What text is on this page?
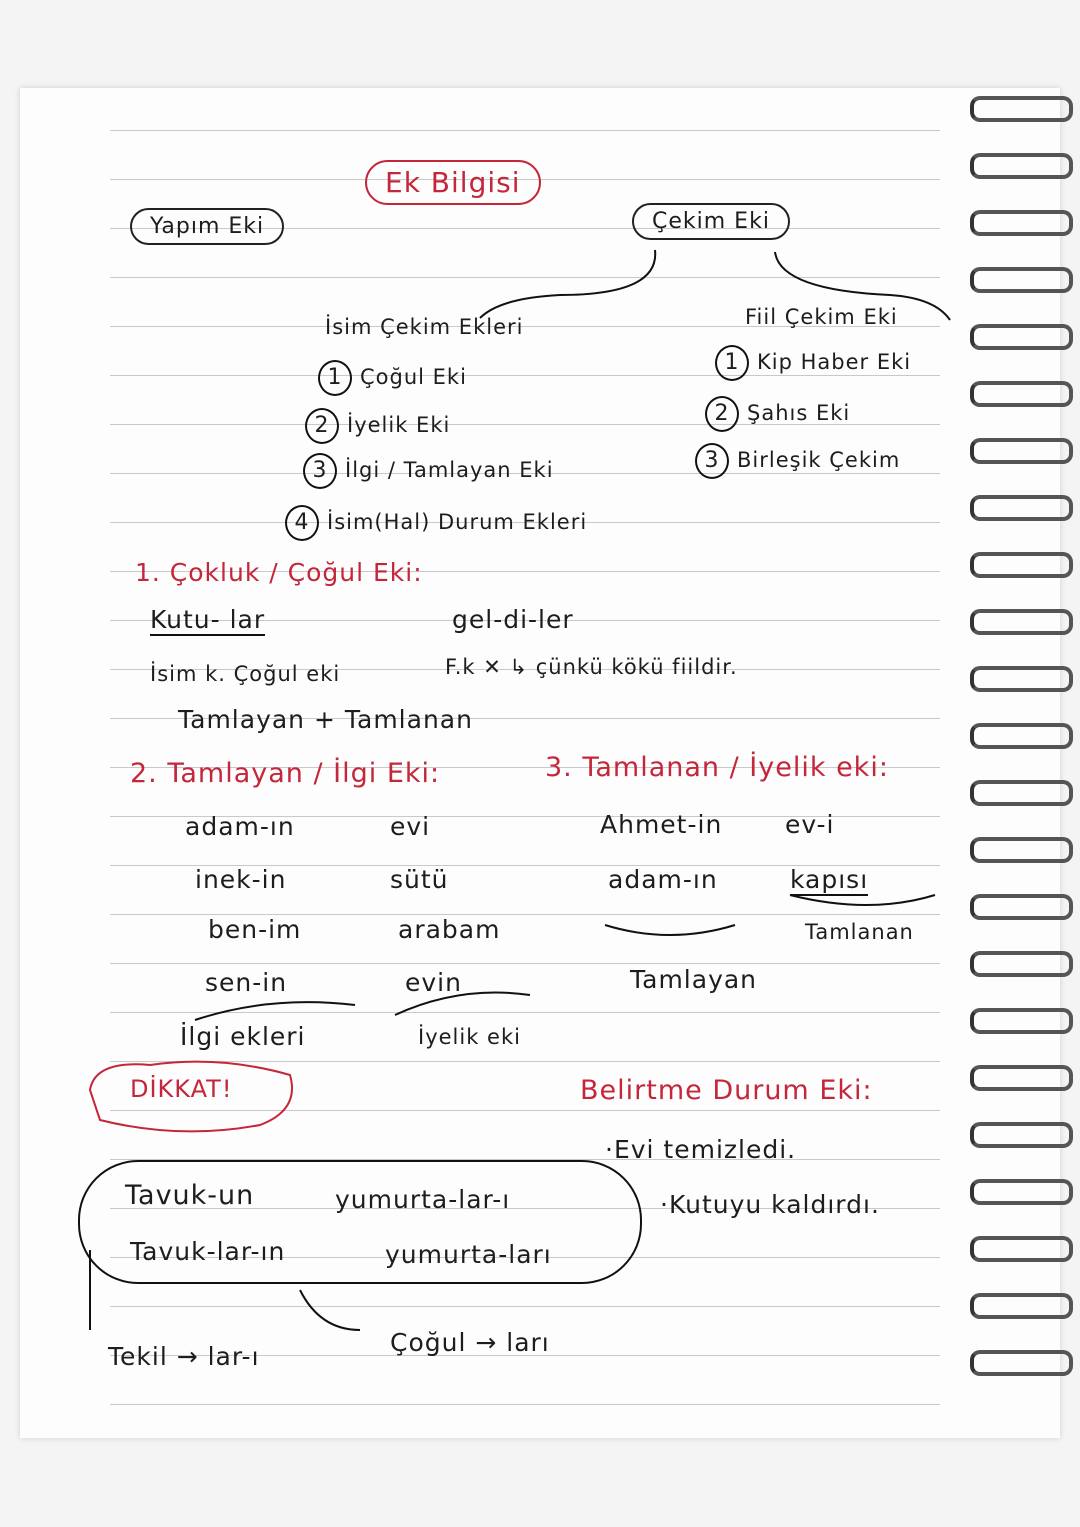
Ek Bilgisi
Yapım Eki	Çekim Eki
İsim Çekim Ekleri	Fiil Çekim Eki
1 Çoğul Eki
2 İyelik Eki
3 İlgi / Tamlayan Eki
4 İsim(Hal) Durum Ekleri
1 Kip Haber Eki
2 Şahıs Eki
3 Birleşik Çekim
1. Çokluk / Çoğul Eki:
Kutu- lar	gel-di-ler
İsim k. Çoğul eki	F.k ✕ ↳ çünkü kökü fiildir.
Tamlayan + Tamlanan
2. Tamlayan / İlgi Eki:	3. Tamlanan / İyelik eki:
adam-ın	evi
inek-in	sütü
ben-im	arabam
sen-in	evin
İlgi ekleri	İyelik eki
Ahmet-in	ev-i
adam-ın	kapısı
Tamlanan
Tamlayan
DİKKAT!	Belirtme Durum Eki:
·Evi temizledi.
·Kutuyu kaldırdı.
Tavuk-un	yumurta-lar-ı
Tavuk-lar-ın	yumurta-ları
Tekil → lar-ı	Çoğul → ları
